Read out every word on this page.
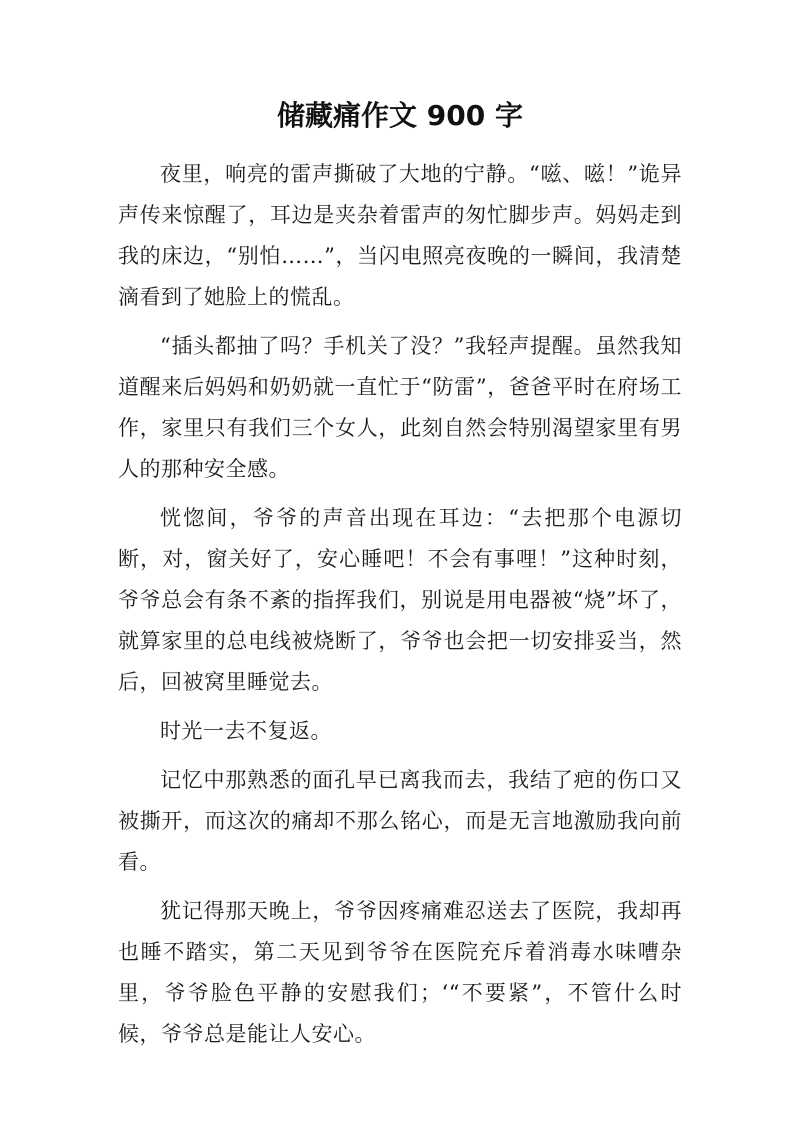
储藏痛作文 900 字

夜里，响亮的雷声撕破了大地的宁静。“嗞、嗞！”诡异声传来惊醒了，耳边是夹杂着雷声的匆忙脚步声。妈妈走到我的床边，“别怕……”，当闪电照亮夜晚的一瞬间，我清楚滴看到了她脸上的慌乱。

“插头都抽了吗？手机关了没？”我轻声提醒。虽然我知道醒来后妈妈和奶奶就一直忙于“防雷”，爸爸平时在府场工作，家里只有我们三个女人，此刻自然会特别渴望家里有男人的那种安全感。

恍惚间，爷爷的声音出现在耳边：“去把那个电源切断，对，窗关好了，安心睡吧！不会有事哩！”这种时刻，爷爷总会有条不紊的指挥我们，别说是用电器被“烧”坏了，就算家里的总电线被烧断了，爷爷也会把一切安排妥当，然后，回被窝里睡觉去。

时光一去不复返。

记忆中那熟悉的面孔早已离我而去，我结了疤的伤口又被撕开，而这次的痛却不那么铭心，而是无言地激励我向前看。

犹记得那天晚上，爷爷因疼痛难忍送去了医院，我却再也睡不踏实，第二天见到爷爷在医院充斥着消毒水味嘈杂里，爷爷脸色平静的安慰我们；‘“不要紧”，不管什么时候，爷爷总是能让人安心。
